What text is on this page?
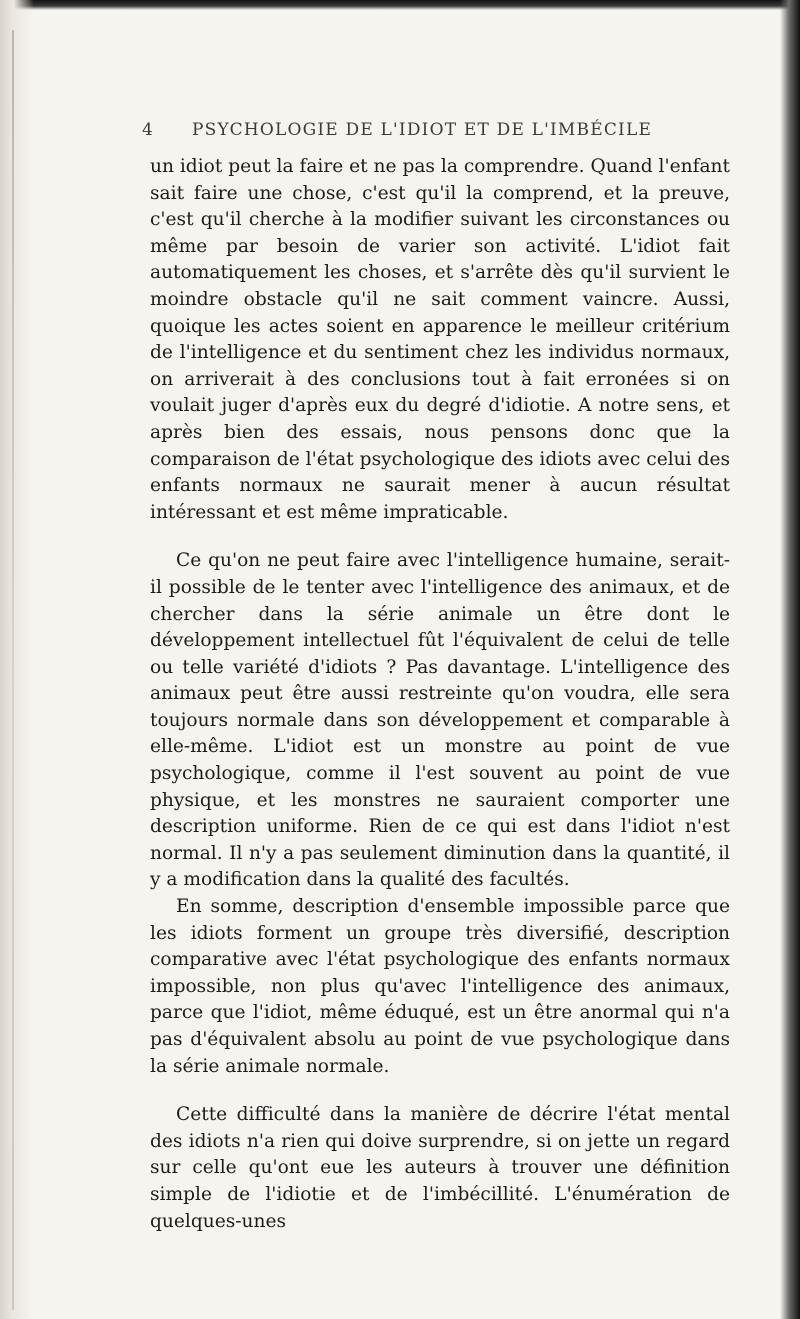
4 PSYCHOLOGIE DE L'IDIOT ET DE L'IMBÉCILE

un idiot peut la faire et ne pas la comprendre. Quand l'enfant sait faire une chose, c'est qu'il la comprend, et la preuve, c'est qu'il cherche à la modifier suivant les circonstances ou même par besoin de varier son activité. L'idiot fait automatiquement les choses, et s'arrête dès qu'il survient le moindre obstacle qu'il ne sait comment vaincre. Aussi, quoique les actes soient en apparence le meilleur critérium de l'intelligence et du sentiment chez les individus normaux, on arriverait à des conclusions tout à fait erronées si on voulait juger d'après eux du degré d'idiotie. A notre sens, et après bien des essais, nous pensons donc que la comparaison de l'état psychologique des idiots avec celui des enfants normaux ne saurait mener à aucun résultat intéressant et est même impraticable.

Ce qu'on ne peut faire avec l'intelligence humaine, serait-il possible de le tenter avec l'intelligence des animaux, et de chercher dans la série animale un être dont le développement intellectuel fût l'équivalent de celui de telle ou telle variété d'idiots ? Pas davantage. L'intelligence des animaux peut être aussi restreinte qu'on voudra, elle sera toujours normale dans son développement et comparable à elle-même. L'idiot est un monstre au point de vue psychologique, comme il l'est souvent au point de vue physique, et les monstres ne sauraient comporter une description uniforme. Rien de ce qui est dans l'idiot n'est normal. Il n'y a pas seulement diminution dans la quantité, il y a modification dans la qualité des facultés.

En somme, description d'ensemble impossible parce que les idiots forment un groupe très diversifié, description comparative avec l'état psychologique des enfants normaux impossible, non plus qu'avec l'intelligence des animaux, parce que l'idiot, même éduqué, est un être anormal qui n'a pas d'équivalent absolu au point de vue psychologique dans la série animale normale.

Cette difficulté dans la manière de décrire l'état mental des idiots n'a rien qui doive surprendre, si on jette un regard sur celle qu'ont eue les auteurs à trouver une définition simple de l'idiotie et de l'imbécillité. L'énumération de quelques-unes
